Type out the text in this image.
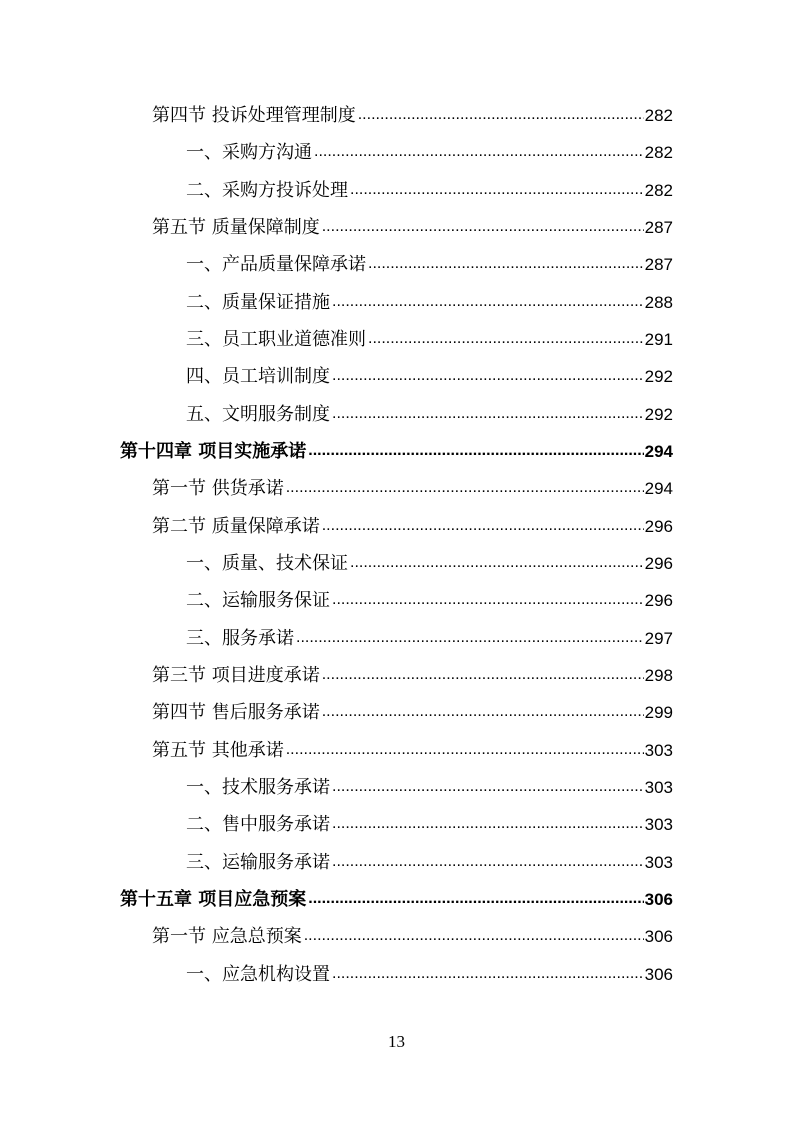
第四节 投诉处理管理制度 .....	282
一、采购方沟通 .....	282
二、采购方投诉处理 .....	282
第五节 质量保障制度 .....	287
一、产品质量保障承诺 .....	287
二、质量保证措施 .....	288
三、员工职业道德准则 .....	291
四、员工培训制度 .....	292
五、文明服务制度 .....	292
第十四章 项目实施承诺 .....	294
第一节 供货承诺 .....	294
第二节 质量保障承诺 .....	296
一、质量、技术保证 .....	296
二、运输服务保证 .....	296
三、服务承诺 .....	297
第三节 项目进度承诺 .....	298
第四节 售后服务承诺 .....	299
第五节 其他承诺 .....	303
一、技术服务承诺 .....	303
二、售中服务承诺 .....	303
三、运输服务承诺 .....	303
第十五章 项目应急预案 .....	306
第一节 应急总预案 .....	306
一、应急机构设置 .....	306
13
